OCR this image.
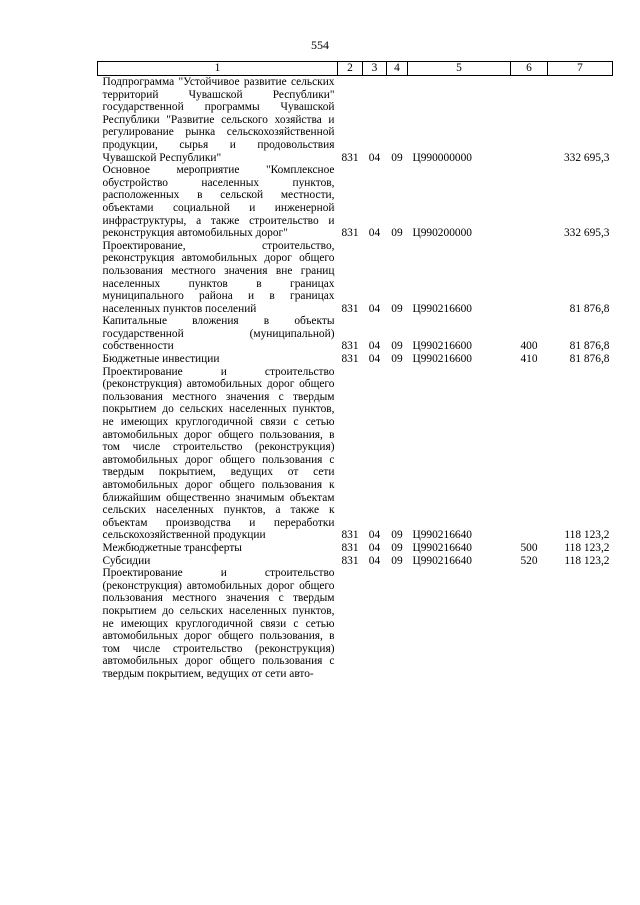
554
1	2	3	4	5	6	7
Подпрограмма "Устойчивое развитие сельских территорий Чувашской Республики" государственной программы Чувашской Республики "Развитие сельского хозяйства и регулирование рынка сельскохозяйственной продукции, сырья и продовольствия Чувашской Республики"	831	04	09	Ц990000000		332 695,3
Основное мероприятие "Комплексное обустройство населенных пунктов, расположенных в сельской местности, объектами социальной и инженерной инфраструктуры, а также строительство и реконструкция автомобильных дорог"	831	04	09	Ц990200000		332 695,3
Проектирование, строительство, реконструкция автомобильных дорог общего пользования местного значения вне границ населенных пунктов в границах муниципального района и в границах населенных пунктов поселений	831	04	09	Ц990216600		81 876,8
Капитальные вложения в объекты государственной (муниципальной) собственности	831	04	09	Ц990216600	400	81 876,8
Бюджетные инвестиции	831	04	09	Ц990216600	410	81 876,8
Проектирование и строительство (реконструкция) автомобильных дорог общего пользования местного значения с твердым покрытием до сельских населенных пунктов, не имеющих круглогодичной связи с сетью автомобильных дорог общего пользования, в том числе строительство (реконструкция) автомобильных дорог общего пользования с твердым покрытием, ведущих от сети автомобильных дорог общего пользования к ближайшим общественно значимым объектам сельских населенных пунктов, а также к объектам производства и переработки сельскохозяйственной продукции	831	04	09	Ц990216640		118 123,2
Межбюджетные трансферты	831	04	09	Ц990216640	500	118 123,2
Субсидии	831	04	09	Ц990216640	520	118 123,2
Проектирование и строительство (реконструкция) автомобильных дорог общего пользования местного значения с твердым покрытием до сельских населенных пунктов, не имеющих круглогодичной связи с сетью автомобильных дорог общего пользования, в том числе строительство (реконструкция) автомобильных дорог общего пользования с твердым покрытием, ведущих от сети авто-						
